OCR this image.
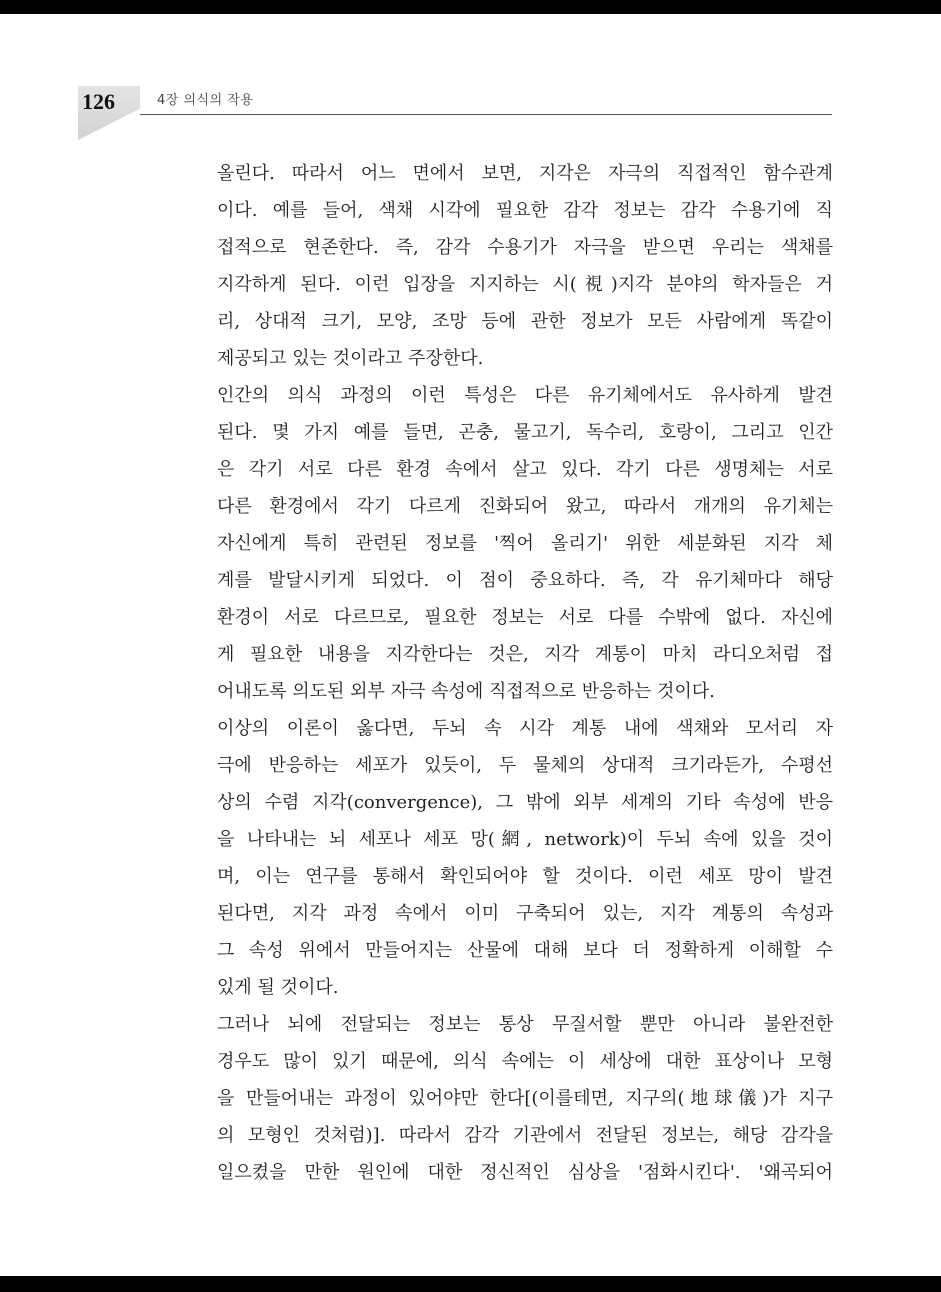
126	4장 의식의 작용
올린다. 따라서 어느 면에서 보면, 지각은 자극의 직접적인 함수관계
이다. 예를 들어, 색채 시각에 필요한 감각 정보는 감각 수용기에 직
접적으로 현존한다. 즉, 감각 수용기가 자극을 받으면 우리는 색채를
지각하게 된다. 이런 입장을 지지하는 시(視)지각 분야의 학자들은 거
리, 상대적 크기, 모양, 조망 등에 관한 정보가 모든 사람에게 똑같이
제공되고 있는 것이라고 주장한다.
인간의 의식 과정의 이런 특성은 다른 유기체에서도 유사하게 발견
된다. 몇 가지 예를 들면, 곤충, 물고기, 독수리, 호랑이, 그리고 인간
은 각기 서로 다른 환경 속에서 살고 있다. 각기 다른 생명체는 서로
다른 환경에서 각기 다르게 진화되어 왔고, 따라서 개개의 유기체는
자신에게 특히 관련된 정보를 '찍어 올리기' 위한 세분화된 지각 체
계를 발달시키게 되었다. 이 점이 중요하다. 즉, 각 유기체마다 해당
환경이 서로 다르므로, 필요한 정보는 서로 다를 수밖에 없다. 자신에
게 필요한 내용을 지각한다는 것은, 지각 계통이 마치 라디오처럼 접
어내도록 의도된 외부 자극 속성에 직접적으로 반응하는 것이다.
이상의 이론이 옳다면, 두뇌 속 시각 계통 내에 색채와 모서리 자
극에 반응하는 세포가 있듯이, 두 물체의 상대적 크기라든가, 수평선
상의 수렴 지각(convergence), 그 밖에 외부 세계의 기타 속성에 반응
을 나타내는 뇌 세포나 세포 망(網, network)이 두뇌 속에 있을 것이
며, 이는 연구를 통해서 확인되어야 할 것이다. 이런 세포 망이 발견
된다면, 지각 과정 속에서 이미 구축되어 있는, 지각 계통의 속성과
그 속성 위에서 만들어지는 산물에 대해 보다 더 정확하게 이해할 수
있게 될 것이다.
그러나 뇌에 전달되는 정보는 통상 무질서할 뿐만 아니라 불완전한
경우도 많이 있기 때문에, 의식 속에는 이 세상에 대한 표상이나 모형
을 만들어내는 과정이 있어야만 한다[(이를테면, 지구의(地球儀)가 지구
의 모형인 것처럼)]. 따라서 감각 기관에서 전달된 정보는, 해당 감각을
일으켰을 만한 원인에 대한 정신적인 심상을 '점화시킨다'. '왜곡되어
